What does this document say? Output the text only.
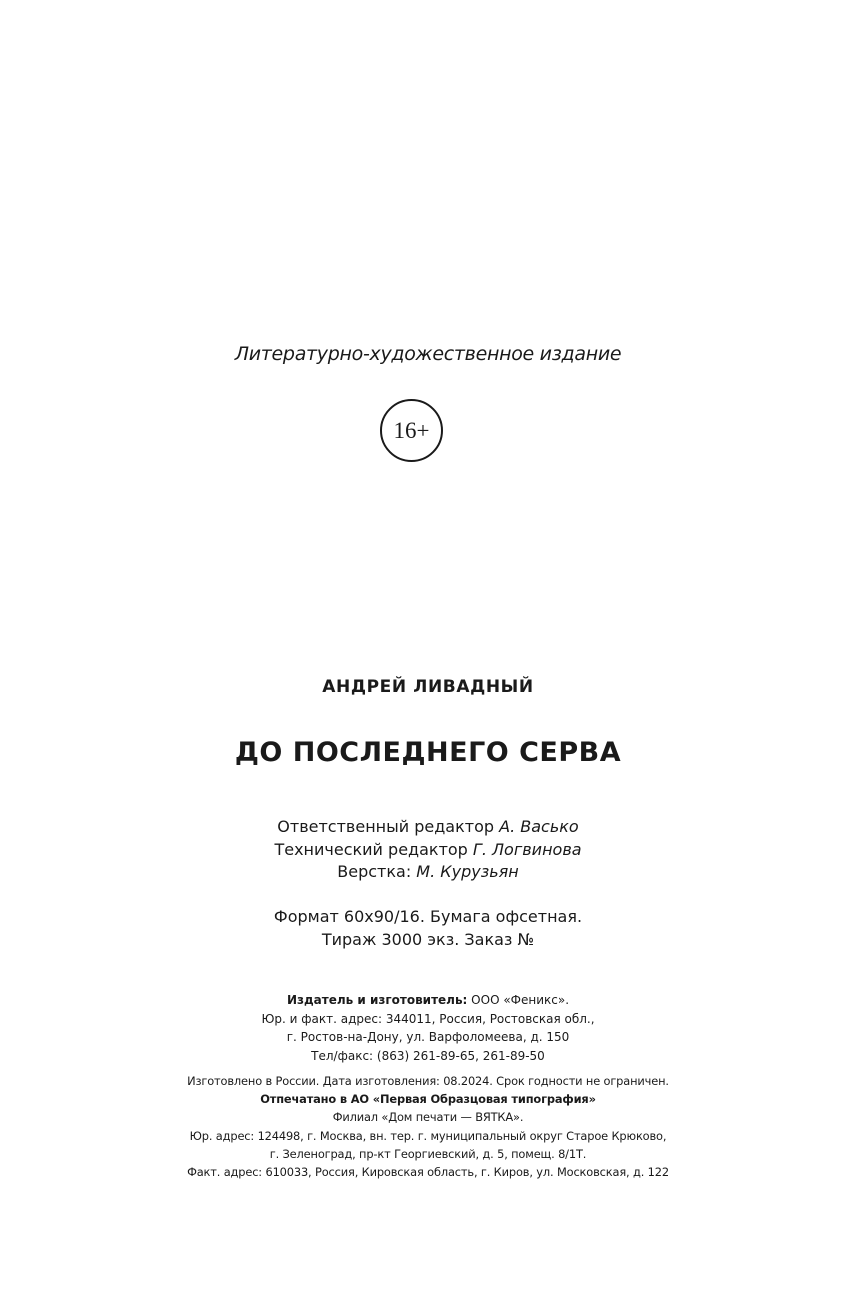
Литературно-художественное издание
16+
АНДРЕЙ ЛИВАДНЫЙ
ДО ПОСЛЕДНЕГО СЕРВА
Ответственный редактор А. Васько
Технический редактор Г. Логвинова
Верстка: М. Курузьян
Формат 60х90/16. Бумага офсетная.
Тираж 3000 экз. Заказ №
Издатель и изготовитель: ООО «Феникс».
Юр. и факт. адрес: 344011, Россия, Ростовская обл.,
г. Ростов-на-Дону, ул. Варфоломеева, д. 150
Тел/факс: (863) 261-89-65, 261-89-50
Изготовлено в России. Дата изготовления: 08.2024. Срок годности не ограничен.
Отпечатано в АО «Первая Образцовая типография»
Филиал «Дом печати — ВЯТКА».
Юр. адрес: 124498, г. Москва, вн. тер. г. муниципальный округ Старое Крюково,
г. Зеленоград, пр-кт Георгиевский, д. 5, помещ. 8/1Т.
Факт. адрес: 610033, Россия, Кировская область, г. Киров, ул. Московская, д. 122
